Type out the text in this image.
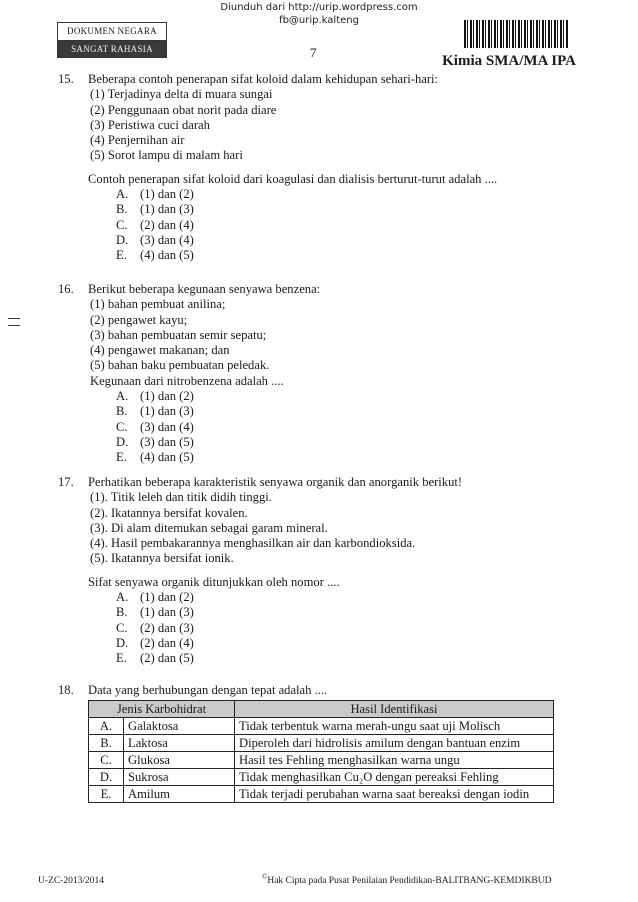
Diunduh dari http://urip.wordpress.com
fb@urip.kalteng
DOKUMEN NEGARA
SANGAT RAHASIA	7
Kimia SMA/MA IPA
15.	Beberapa contoh penerapan sifat koloid dalam kehidupan sehari-hari:
(1) Terjadinya delta di muara sungai
(2) Penggunaan obat norit pada diare
(3) Peristiwa cuci darah
(4) Penjernihan air
(5) Sorot lampu di malam hari
Contoh penerapan sifat koloid dari koagulasi dan dialisis berturut-turut adalah ....
A. (1) dan (2)
B. (1) dan (3)
C. (2) dan (4)
D. (3) dan (4)
E. (4) dan (5)
16.	Berikut beberapa kegunaan senyawa benzena:
(1) bahan pembuat anilina;
(2) pengawet kayu;
(3) bahan pembuatan semir sepatu;
(4) pengawet makanan; dan
(5) bahan baku pembuatan peledak.
Kegunaan dari nitrobenzena adalah ....
A. (1) dan (2)
B. (1) dan (3)
C. (3) dan (4)
D. (3) dan (5)
E. (4) dan (5)
17.	Perhatikan beberapa karakteristik senyawa organik dan anorganik berikut!
(1). Titik leleh dan titik didih tinggi.
(2). Ikatannya bersifat kovalen.
(3). Di alam ditemukan sebagai garam mineral.
(4). Hasil pembakarannya menghasilkan air dan karbondioksida.
(5). Ikatannya bersifat ionik.
Sifat senyawa organik ditunjukkan oleh nomor ....
A. (1) dan (2)
B. (1) dan (3)
C. (2) dan (3)
D. (2) dan (4)
E. (2) dan (5)
18.	Data yang berhubungan dengan tepat adalah ....
Jenis Karbohidrat		Hasil Identifikasi
A.	Galaktosa	Tidak terbentuk warna merah-ungu saat uji Molisch
B.	Laktosa	Diperoleh dari hidrolisis amilum dengan bantuan enzim
C.	Glukosa	Hasil tes Fehling menghasilkan warna ungu
D.	Sukrosa	Tidak menghasilkan Cu₂O dengan pereaksi Fehling
E.	Amilum	Tidak terjadi perubahan warna saat bereaksi dengan iodin
U-ZC-2013/2014	©Hak Cipta pada Pusat Penilaian Pendidikan-BALITBANG-KEMDIKBUD
